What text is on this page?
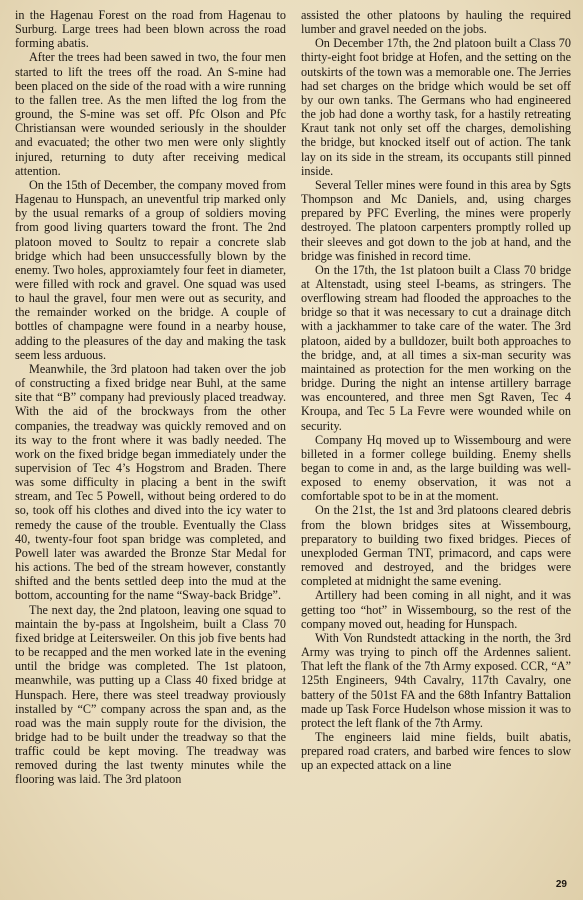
in the Hagenau Forest on the road from Hagenau to Surburg. Large trees had been blown across the road forming abatis.

After the trees had been sawed in two, the four men started to lift the trees off the road. An S-mine had been placed on the side of the road with a wire running to the fallen tree. As the men lifted the log from the ground, the S-mine was set off. Pfc Olson and Pfc Christiansan were wounded seriously in the shoulder and evacuated; the other two men were only slightly injured, returning to duty after receiving medical attention.

On the 15th of December, the company moved from Hagenau to Hunspach, an uneventful trip marked only by the usual remarks of a group of soldiers moving from good living quarters toward the front. The 2nd platoon moved to Soultz to repair a concrete slab bridge which had been unsuccessfully blown by the enemy. Two holes, approxiamtely four feet in diameter, were filled with rock and gravel. One squad was used to haul the gravel, four men were out as security, and the remainder worked on the bridge. A couple of bottles of champagne were found in a nearby house, adding to the pleasures of the day and making the task seem less arduous.

Meanwhile, the 3rd platoon had taken over the job of constructing a fixed bridge near Buhl, at the same site that “B” company had previously placed treadway. With the aid of the brockways from the other companies, the treadway was quickly removed and on its way to the front where it was badly needed. The work on the fixed bridge began immediately under the supervision of Tec 4’s Hogstrom and Braden. There was some difficulty in placing a bent in the swift stream, and Tec 5 Powell, without being ordered to do so, took off his clothes and dived into the icy water to remedy the cause of the trouble. Eventually the Class 40, twenty-four foot span bridge was completed, and Powell later was awarded the Bronze Star Medal for his actions. The bed of the stream however, constantly shifted and the bents settled deep into the mud at the bottom, accounting for the name “Sway-back Bridge”.

The next day, the 2nd platoon, leaving one squad to maintain the by-pass at Ingolsheim, built a Class 70 fixed bridge at Leitersweiler. On this job five bents had to be recapped and the men worked late in the evening until the bridge was completed. The 1st platoon, meanwhile, was putting up a Class 40 fixed bridge at Hunspach. Here, there was steel treadway proviously installed by “C” company across the span and, as the road was the main supply route for the division, the bridge had to be built under the treadway so that the traffic could be kept moving. The treadway was removed during the last twenty minutes while the flooring was laid. The 3rd platoon

assisted the other platoons by hauling the required lumber and gravel needed on the jobs.

On December 17th, the 2nd platoon built a Class 70 thirty-eight foot bridge at Hofen, and the setting on the outskirts of the town was a memorable one. The Jerries had set charges on the bridge which would be set off by our own tanks. The Germans who had engineered the job had done a worthy task, for a hastily retreating Kraut tank not only set off the charges, demolishing the bridge, but knocked itself out of action. The tank lay on its side in the stream, its occupants still pinned inside.

Several Teller mines were found in this area by Sgts Thompson and Mc Daniels, and, using charges prepared by PFC Everling, the mines were properly destroyed. The platoon carpenters promptly rolled up their sleeves and got down to the job at hand, and the bridge was finished in record time.

On the 17th, the 1st platoon built a Class 70 bridge at Altenstadt, using steel I-beams, as stringers. The overflowing stream had flooded the approaches to the bridge so that it was necessary to cut a drainage ditch with a jackhammer to take care of the water. The 3rd platoon, aided by a bulldozer, built both approaches to the bridge, and, at all times a six-man security was maintained as protection for the men working on the bridge. During the night an intense artillery barrage was encountered, and three men Sgt Raven, Tec 4 Kroupa, and Tec 5 La Fevre were wounded while on security.

Company Hq moved up to Wissembourg and were billeted in a former college building. Enemy shells began to come in and, as the large building was well-exposed to enemy observation, it was not a comfortable spot to be in at the moment.

On the 21st, the 1st and 3rd platoons cleared debris from the blown bridges sites at Wissembourg, preparatory to building two fixed bridges. Pieces of unexploded German TNT, primacord, and caps were removed and destroyed, and the bridges were completed at midnight the same evening.

Artillery had been coming in all night, and it was getting too “hot” in Wissembourg, so the rest of the company moved out, heading for Hunspach.

With Von Rundstedt attacking in the north, the 3rd Army was trying to pinch off the Ardennes salient. That left the flank of the 7th Army exposed. CCR, “A” 125th Engineers, 94th Cavalry, 117th Cavalry, one battery of the 501st FA and the 68th Infantry Battalion made up Task Force Hudelson whose mission it was to protect the left flank of the 7th Army.

The engineers laid mine fields, built abatis, prepared road craters, and barbed wire fences to slow up an expected attack on a line

29
